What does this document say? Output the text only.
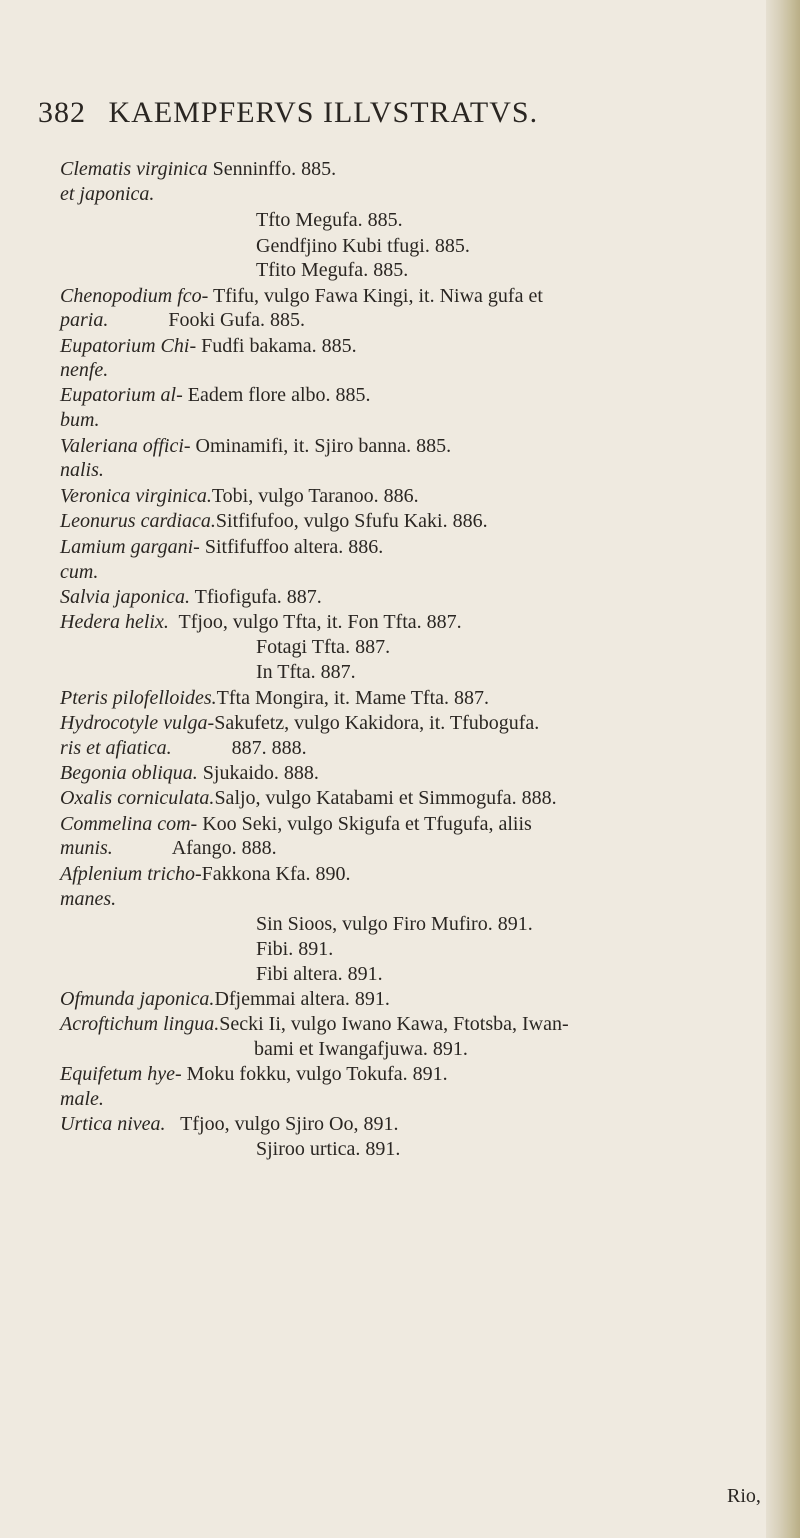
382 KAEMPFERVS ILLVSTRATVS.
Clematis virginica Senninffo. 885.
et japonica.
Tfto Megufa. 885.
Gendfjino Kubi tfugi. 885.
Tfito Megufa. 885.
Chenopodium fco- Tfifu, vulgo Fawa Kingi, it. Niwa gufa et
paria.            Fooki Gufa. 885.
Eupatorium Chi- Fudfi bakama. 885.
nenfe.
Eupatorium al- Eadem flore albo. 885.
bum.
Valeriana offici- Ominamifi, it. Sjiro banna. 885.
nalis.
Veronica virginica.Tobi, vulgo Taranoo. 886.
Leonurus cardiaca.Sitfifufoo, vulgo Sfufu Kaki. 886.
Lamium gargani- Sitfifuffoo altera. 886.
cum.
Salvia japonica. Tfiofigufa. 887.
Hedera helix.  Tfjoo, vulgo Tfta, it. Fon Tfta. 887.
Fotagi Tfta. 887.
In Tfta. 887.
Pteris pilofelloides.Tfta Mongira, it. Mame Tfta. 887.
Hydrocotyle vulga-Sakufetz, vulgo Kakidora, it. Tfubogufa.
ris et afiatica.            887. 888.
Begonia obliqua. Sjukaido. 888.
Oxalis corniculata.Saljo, vulgo Katabami et Simmogufa. 888.
Commelina com- Koo Seki, vulgo Skigufa et Tfugufa, aliis
munis.            Afango. 888.
Afplenium tricho-Fakkona Kfa. 890.
manes.
Sin Sioos, vulgo Firo Mufiro. 891.
Fibi. 891.
Fibi altera. 891.
Ofmunda japonica.Dfjemmai altera. 891.
Acroftichum lingua.Secki Ii, vulgo Iwano Kawa, Ftotsba, Iwan-
bami et Iwangafjuwa. 891.
Equifetum hye- Moku fokku, vulgo Tokufa. 891.
male.
Urtica nivea.   Tfjoo, vulgo Sjiro Oo, 891.
Sjiroo urtica. 891.
Rio,
